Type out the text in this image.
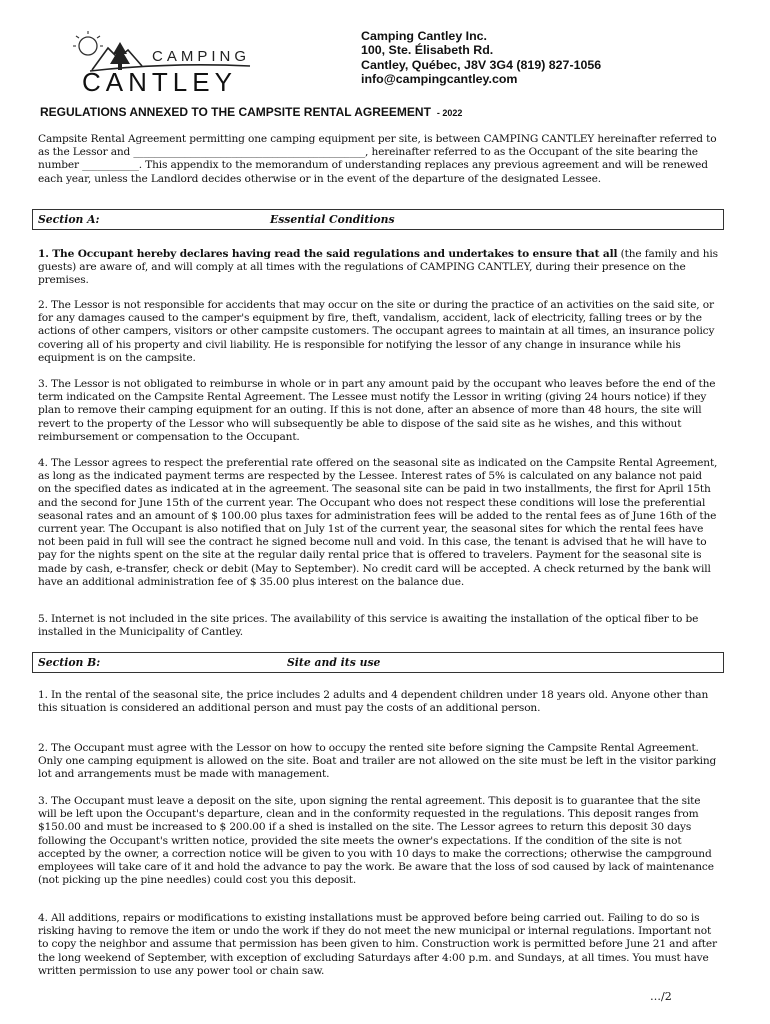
CAMPING
CANTLEY
Camping Cantley Inc.
100, Ste. Élisabeth Rd.
Cantley, Québec, J8V 3G4 (819) 827-1056
info@campingcantley.com
REGULATIONS ANNEXED TO THE CAMPSITE RENTAL AGREEMENT - 2022

Campsite Rental Agreement permitting one camping equipment per site, is between CAMPING CANTLEY hereinafter referred to as the Lessor and _____________________________________________, hereinafter referred to as the Occupant of the site bearing the number ___________. This appendix to the memorandum of understanding replaces any previous agreement and will be renewed each year, unless the Landlord decides otherwise or in the event of the departure of the designated Lessee.

Section A:	Essential Conditions

1. The Occupant hereby declares having read the said regulations and undertakes to ensure that all (the family and his guests) are aware of, and will comply at all times with the regulations of CAMPING CANTLEY, during their presence on the premises.

2. The Lessor is not responsible for accidents that may occur on the site or during the practice of an activities on the said site, or for any damages caused to the camper's equipment by fire, theft, vandalism, accident, lack of electricity, falling trees or by the actions of other campers, visitors or other campsite customers. The occupant agrees to maintain at all times, an insurance policy covering all of his property and civil liability. He is responsible for notifying the lessor of any change in insurance while his equipment is on the campsite.

3. The Lessor is not obligated to reimburse in whole or in part any amount paid by the occupant who leaves before the end of the term indicated on the Campsite Rental Agreement. The Lessee must notify the Lessor in writing (giving 24 hours notice) if they plan to remove their camping equipment for an outing. If this is not done, after an absence of more than 48 hours, the site will revert to the property of the Lessor who will subsequently be able to dispose of the said site as he wishes, and this without reimbursement or compensation to the Occupant.

4. The Lessor agrees to respect the preferential rate offered on the seasonal site as indicated on the Campsite Rental Agreement, as long as the indicated payment terms are respected by the Lessee. Interest rates of 5% is calculated on any balance not paid on the specified dates as indicated at in the agreement. The seasonal site can be paid in two installments, the first for April 15th and the second for June 15th of the current year. The Occupant who does not respect these conditions will lose the preferential seasonal rates and an amount of $ 100.00 plus taxes for administration fees will be added to the rental fees as of June 16th of the current year. The Occupant is also notified that on July 1st of the current year, the seasonal sites for which the rental fees have not been paid in full will see the contract he signed become null and void. In this case, the tenant is advised that he will have to pay for the nights spent on the site at the regular daily rental price that is offered to travelers. Payment for the seasonal site is made by cash, e-transfer, check or debit (May to September). No credit card will be accepted. A check returned by the bank will have an additional administration fee of $ 35.00 plus interest on the balance due.

5. Internet is not included in the site prices. The availability of this service is awaiting the installation of the optical fiber to be installed in the Municipality of Cantley.

Section B:	Site and its use

1. In the rental of the seasonal site, the price includes 2 adults and 4 dependent children under 18 years old. Anyone other than this situation is considered an additional person and must pay the costs of an additional person.

2. The Occupant must agree with the Lessor on how to occupy the rented site before signing the Campsite Rental Agreement. Only one camping equipment is allowed on the site. Boat and trailer are not allowed on the site must be left in the visitor parking lot and arrangements must be made with management.

3. The Occupant must leave a deposit on the site, upon signing the rental agreement. This deposit is to guarantee that the site will be left upon the Occupant's departure, clean and in the conformity requested in the regulations. This deposit ranges from $150.00 and must be increased to $ 200.00 if a shed is installed on the site. The Lessor agrees to return this deposit 30 days following the Occupant's written notice, provided the site meets the owner's expectations. If the condition of the site is not accepted by the owner, a correction notice will be given to you with 10 days to make the corrections; otherwise the campground employees will take care of it and hold the advance to pay the work. Be aware that the loss of sod caused by lack of maintenance (not picking up the pine needles) could cost you this deposit.

4. All additions, repairs or modifications to existing installations must be approved before being carried out. Failing to do so is risking having to remove the item or undo the work if they do not meet the new municipal or internal regulations. Important not to copy the neighbor and assume that permission has been given to him. Construction work is permitted before June 21 and after the long weekend of September, with exception of excluding Saturdays after 4:00 p.m. and Sundays, at all times. You must have written permission to use any power tool or chain saw.

…/2
